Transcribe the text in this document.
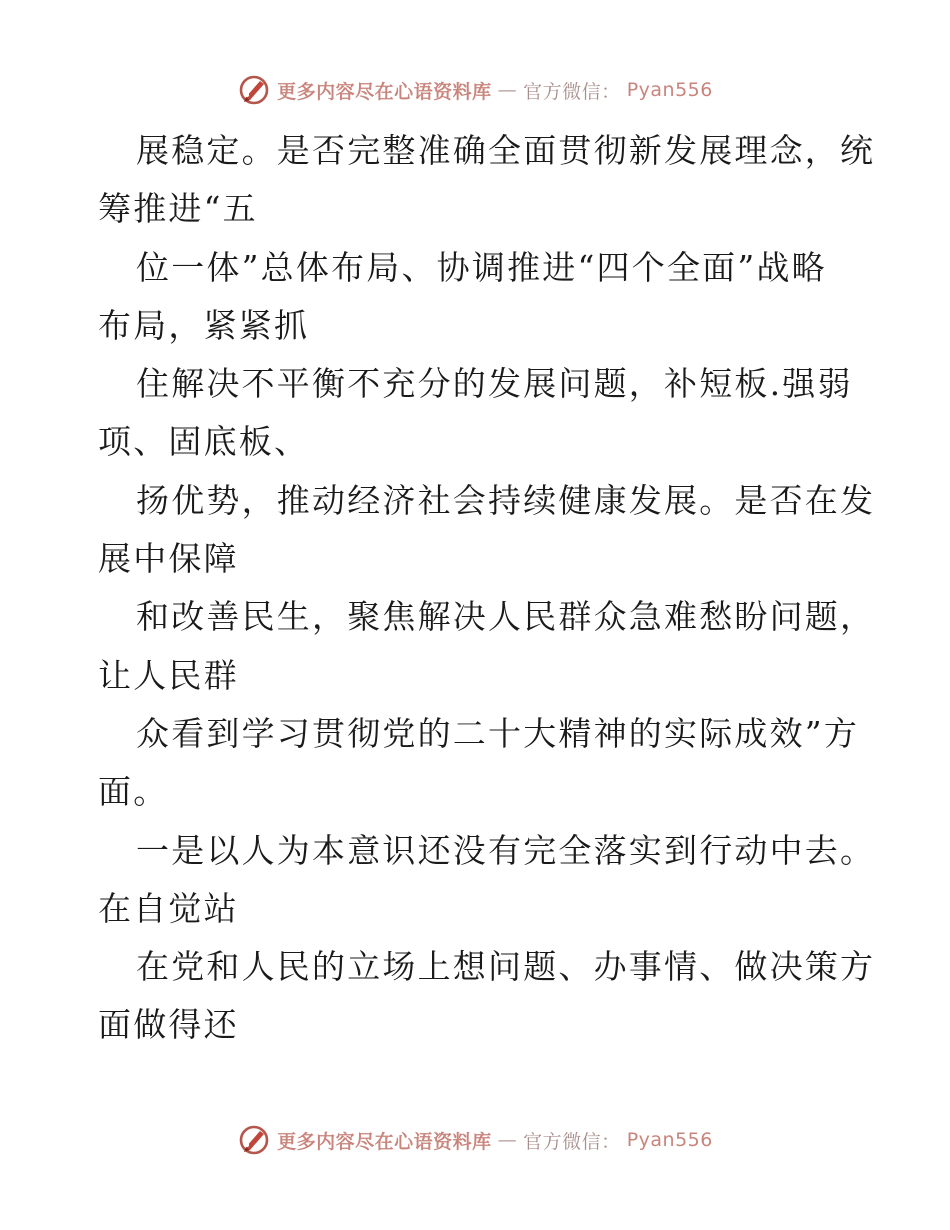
更多内容尽在心语资料库 — 官方微信： Pyan556
展稳定。是否完整准确全面贯彻新发展理念，统
筹推进“五
位一体”总体布局、协调推进“四个全面”战略
布局，紧紧抓
住解决不平衡不充分的发展问题，补短板.强弱
项、固底板、
扬优势，推动经济社会持续健康发展。是否在发
展中保障
和改善民生，聚焦解决人民群众急难愁盼问题，
让人民群
众看到学习贯彻党的二十大精神的实际成效”方
面。
一是以人为本意识还没有完全落实到行动中去。
在自觉站
在党和人民的立场上想问题、办事情、做决策方
面做得还
更多内容尽在心语资料库 — 官方微信： Pyan556
